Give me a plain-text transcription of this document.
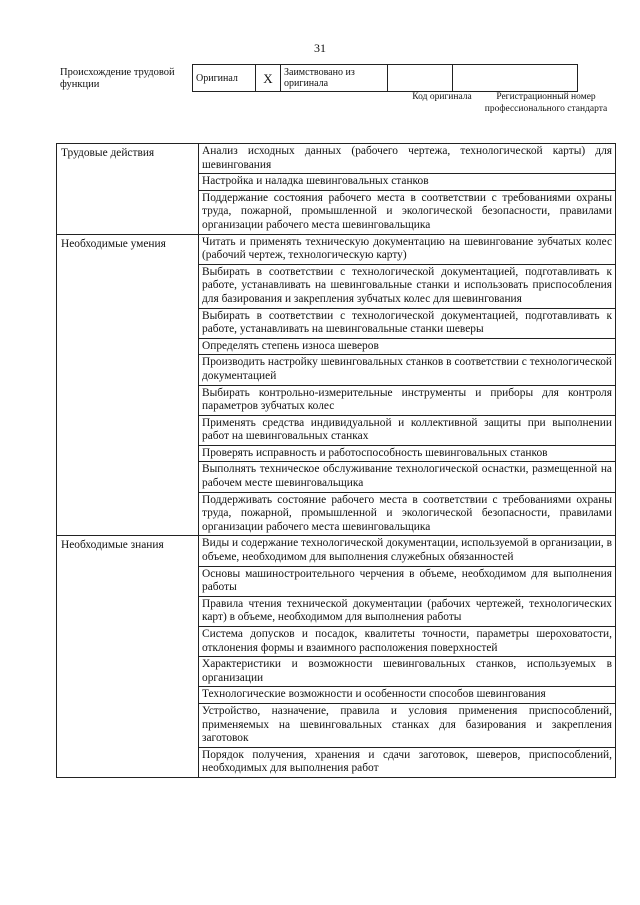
31
Происхождение трудовой функции
Оригинал	X	Заимствовано из оригинала		
Код оригинала	Регистрационный номер профессионального стандарта
Трудовые действия	Анализ исходных данных (рабочего чертежа, технологической карты) для шевингования
	Настройка и наладка шевинговальных станков
	Поддержание состояния рабочего места в соответствии с требованиями охраны труда, пожарной, промышленной и экологической безопасности, правилами организации рабочего места шевинговальщика
Необходимые умения	Читать и применять техническую документацию на шевингование зубчатых колес (рабочий чертеж, технологическую карту)
	Выбирать в соответствии с технологической документацией, подготавливать к работе, устанавливать на шевинговальные станки и использовать приспособления для базирования и закрепления зубчатых колес для шевингования
	Выбирать в соответствии с технологической документацией, подготавливать к работе, устанавливать на шевинговальные станки шеверы
	Определять степень износа шеверов
	Производить настройку шевинговальных станков в соответствии с технологической документацией
	Выбирать контрольно-измерительные инструменты и приборы для контроля параметров зубчатых колес
	Применять средства индивидуальной и коллективной защиты при выполнении работ на шевинговальных станках
	Проверять исправность и работоспособность шевинговальных станков
	Выполнять техническое обслуживание технологической оснастки, размещенной на рабочем месте шевинговальщика
	Поддерживать состояние рабочего места в соответствии с требованиями охраны труда, пожарной, промышленной и экологической безопасности, правилами организации рабочего места шевинговальщика
Необходимые знания	Виды и содержание технологической документации, используемой в организации, в объеме, необходимом для выполнения служебных обязанностей
	Основы машиностроительного черчения в объеме, необходимом для выполнения работы
	Правила чтения технической документации (рабочих чертежей, технологических карт) в объеме, необходимом для выполнения работы
	Система допусков и посадок, квалитеты точности, параметры шероховатости, отклонения формы и взаимного расположения поверхностей
	Характеристики и возможности шевинговальных станков, используемых в организации
	Технологические возможности и особенности способов шевингования
	Устройство, назначение, правила и условия применения приспособлений, применяемых на шевинговальных станках для базирования и закрепления заготовок
	Порядок получения, хранения и сдачи заготовок, шеверов, приспособлений, необходимых для выполнения работ
